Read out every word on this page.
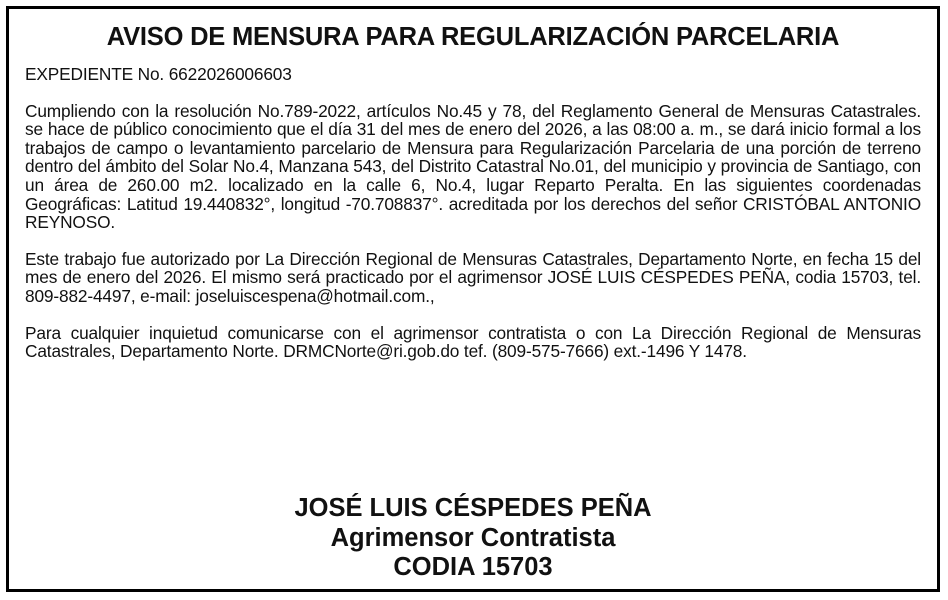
AVISO DE MENSURA PARA REGULARIZACIÓN PARCELARIA
EXPEDIENTE No. 6622026006603
Cumpliendo con la resolución No.789-2022, artículos No.45 y 78, del Reglamento General de Mensuras Catastrales. se hace de público conocimiento que el día 31 del mes de enero del 2026, a las 08:00 a. m., se dará inicio formal a los trabajos de campo o levantamiento parcelario de Mensura para Regularización Parcelaria de una porción de terreno dentro del ámbito del Solar No.4, Manzana 543, del Distrito Catastral No.01, del municipio y provincia de Santiago, con un área de 260.00 m2. localizado en la calle 6, No.4, lugar Reparto Peralta. En las siguientes coordenadas Geográficas: Latitud 19.440832°, longitud -70.708837°. acreditada por los derechos del señor CRISTÓBAL ANTONIO REYNOSO.
Este trabajo fue autorizado por La Dirección Regional de Mensuras Catastrales, Departamento Norte, en fecha 15 del mes de enero del 2026. El mismo será practicado por el agrimensor JOSÉ LUIS CÉSPEDES PEÑA, codia 15703, tel. 809-882-4497, e-mail: joseluiscespena@hotmail.com.,
Para cualquier inquietud comunicarse con el agrimensor contratista o con La Dirección Regional de Mensuras Catastrales, Departamento Norte. DRMCNorte@ri.gob.do tef. (809-575-7666) ext.-1496 Y 1478.
JOSÉ LUIS CÉSPEDES PEÑA
Agrimensor Contratista
CODIA 15703
